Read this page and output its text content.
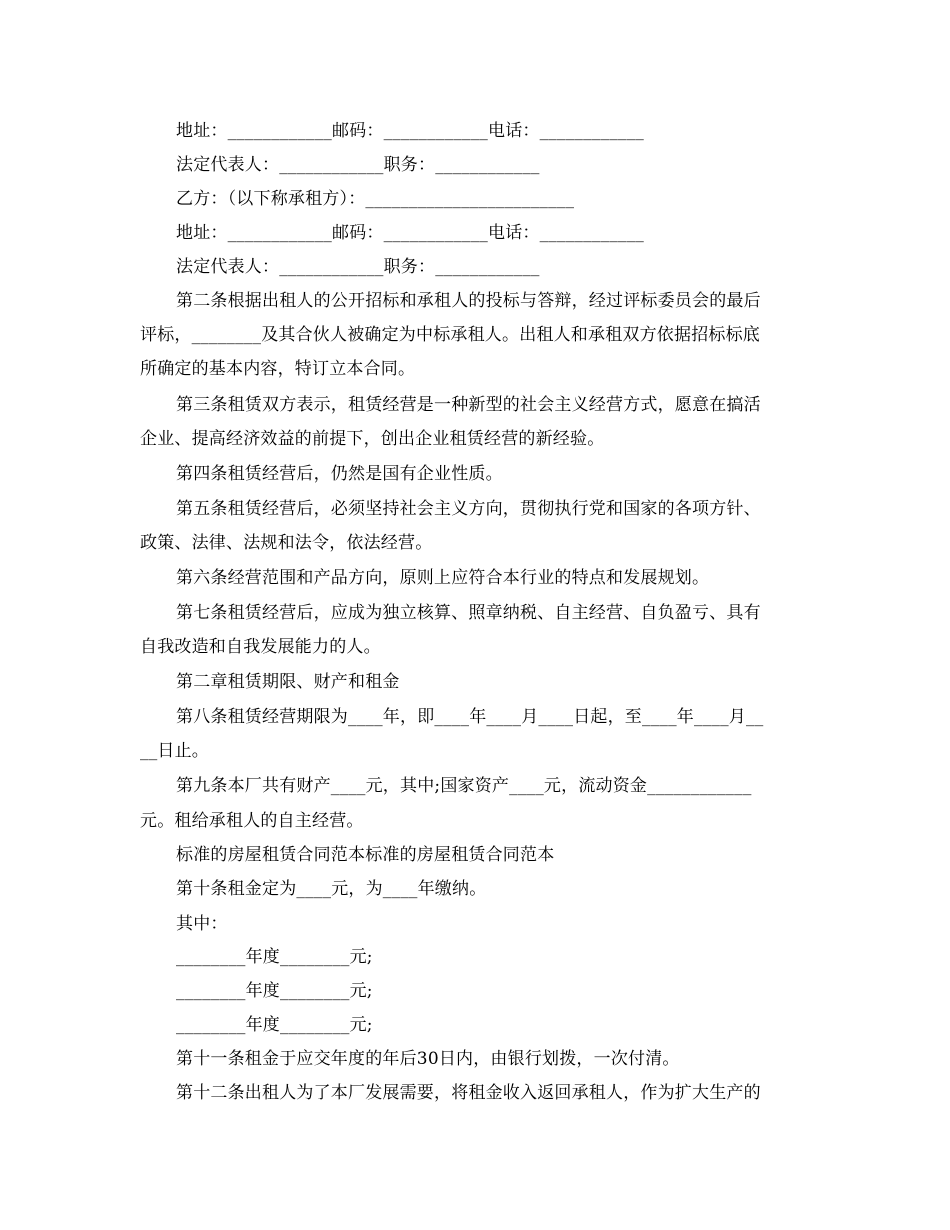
地址：____________邮码：____________电话：____________
法定代表人：____________职务：____________
乙方：（以下称承租方）：________________________
地址：____________邮码：____________电话：____________
法定代表人：____________职务：____________
第二条根据出租人的公开招标和承租人的投标与答辩，经过评标委员会的最后
评标，________及其合伙人被确定为中标承租人。出租人和承租双方依据招标标底
所确定的基本内容，特订立本合同。
第三条租赁双方表示，租赁经营是一种新型的社会主义经营方式，愿意在搞活
企业、提高经济效益的前提下，创出企业租赁经营的新经验。
第四条租赁经营后，仍然是国有企业性质。
第五条租赁经营后，必须坚持社会主义方向，贯彻执行党和国家的各项方针、
政策、法律、法规和法令，依法经营。
第六条经营范围和产品方向，原则上应符合本行业的特点和发展规划。
第七条租赁经营后，应成为独立核算、照章纳税、自主经营、自负盈亏、具有
自我改造和自我发展能力的人。
第二章租赁期限、财产和租金
第八条租赁经营期限为____年，即____年____月____日起，至____年____月__
__日止。
第九条本厂共有财产____元，其中;国家资产____元，流动资金____________
元。租给承租人的自主经营。
标准的房屋租赁合同范本标准的房屋租赁合同范本
第十条租金定为____元，为____年缴纳。
其中：
________年度________元;
________年度________元;
________年度________元;
第十一条租金于应交年度的年后30日内，由银行划拨，一次付清。
第十二条出租人为了本厂发展需要，将租金收入返回承租人，作为扩大生产的
